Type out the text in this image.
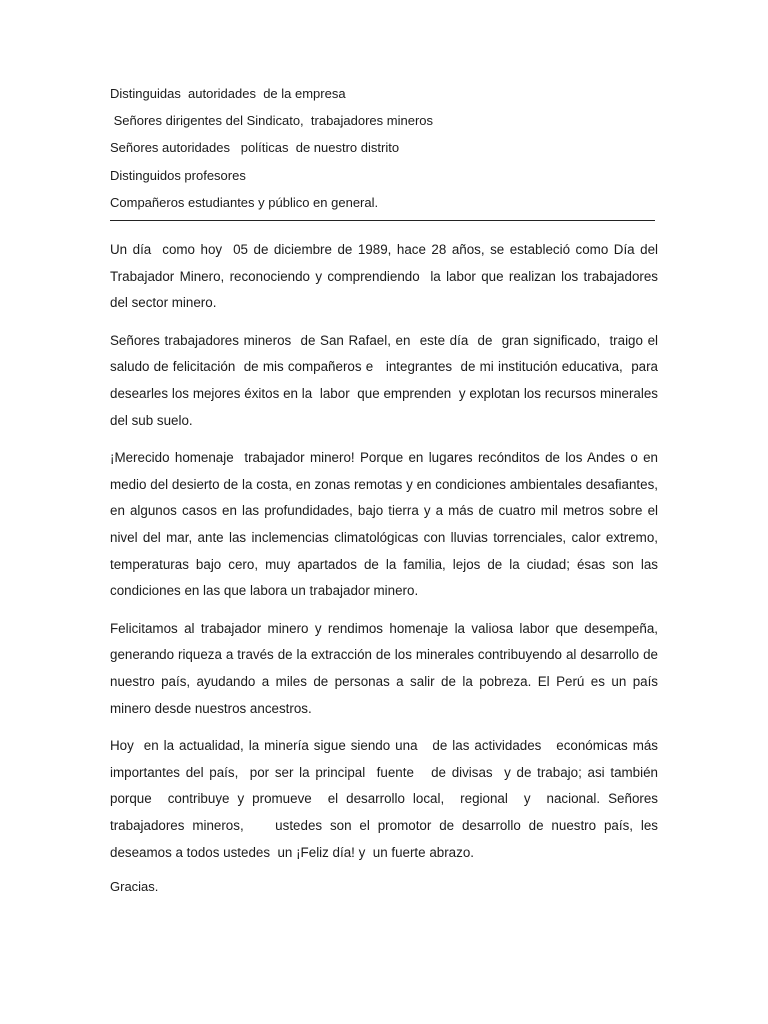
Distinguidas  autoridades  de la empresa
Señores dirigentes del Sindicato,  trabajadores mineros
Señores autoridades   políticas  de nuestro distrito
Distinguidos profesores
Compañeros estudiantes y público en general.

Un día  como hoy  05 de diciembre de 1989, hace 28 años, se estableció como Día del Trabajador Minero, reconociendo y comprendiendo  la labor que realizan los trabajadores del sector minero.

Señores trabajadores mineros  de San Rafael, en  este día  de  gran significado,  traigo el saludo de felicitación  de mis compañeros e   integrantes  de mi institución educativa,  para desearles los mejores éxitos en la  labor  que emprenden  y explotan los recursos minerales del sub suelo.

¡Merecido homenaje  trabajador minero! Porque en lugares recónditos de los Andes o en medio del desierto de la costa, en zonas remotas y en condiciones ambientales desafiantes, en algunos casos en las profundidades, bajo tierra y a más de cuatro mil metros sobre el nivel del mar, ante las inclemencias climatológicas con lluvias torrenciales, calor extremo, temperaturas bajo cero, muy apartados de la familia, lejos de la ciudad; ésas son las condiciones en las que labora un trabajador minero.

Felicitamos al trabajador minero y rendimos homenaje la valiosa labor que desempeña,   generando riqueza a través de la extracción de los minerales contribuyendo al desarrollo de nuestro país, ayudando a miles de personas a salir de la pobreza. El Perú es un país minero desde nuestros ancestros.

Hoy  en la actualidad, la minería sigue siendo una   de las actividades   económicas más importantes del país,  por ser la principal  fuente   de divisas  y de trabajo; asi también porque  contribuye y promueve  el desarrollo local,  regional  y  nacional. Señores trabajadores mineros,    ustedes son el promotor de desarrollo de nuestro país, les deseamos a todos ustedes  un ¡Feliz día! y  un fuerte abrazo.

Gracias.
